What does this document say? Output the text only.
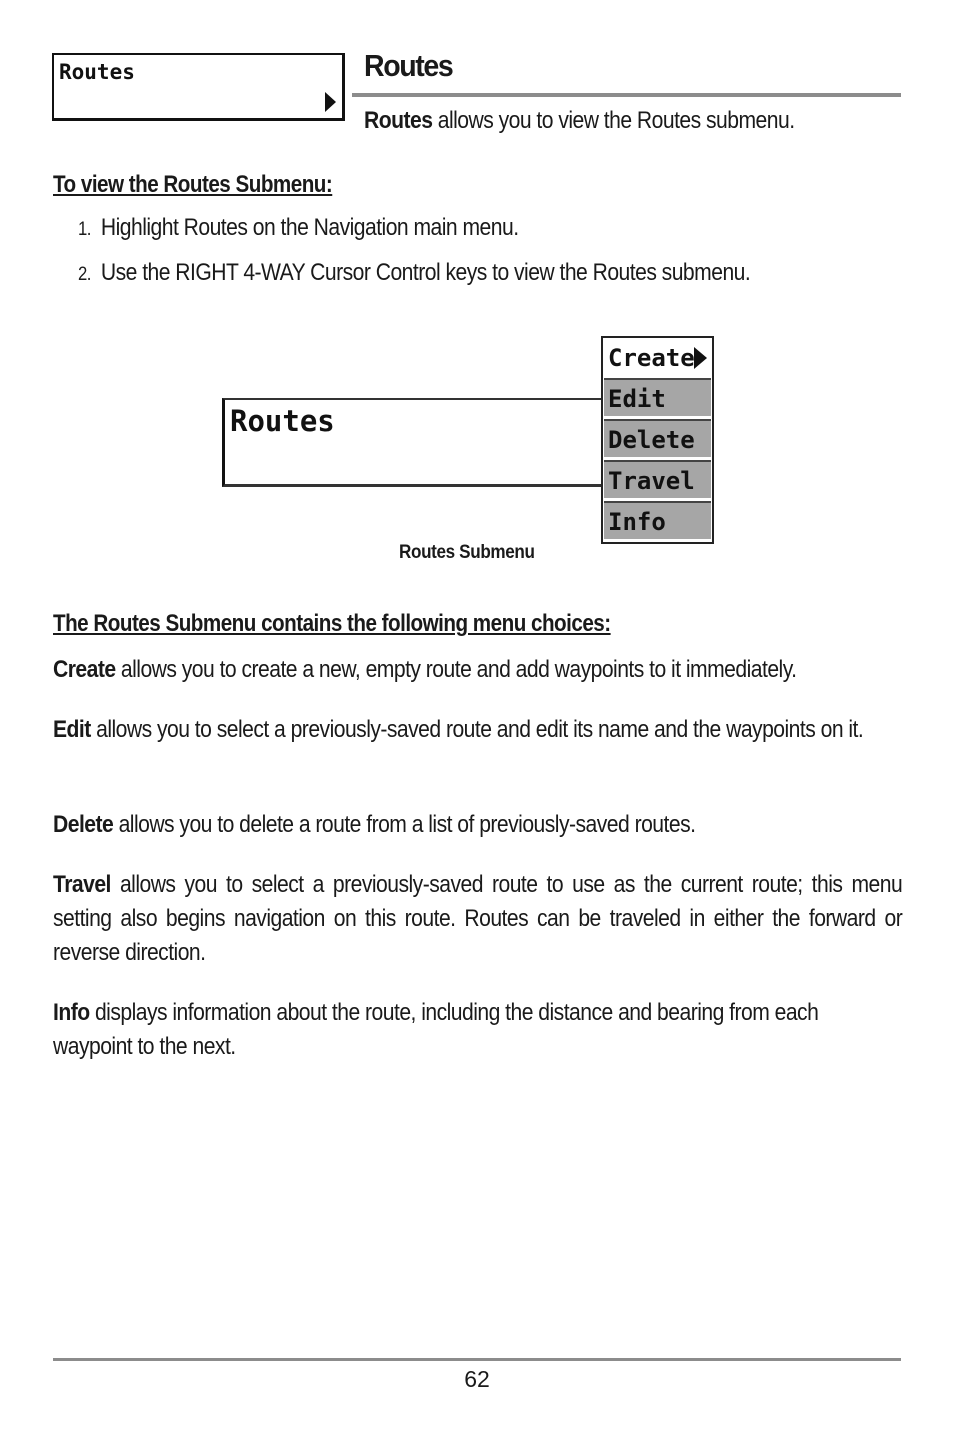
Routes	Routes
Routes allows you to view the Routes submenu.
To view the Routes Submenu:
1. Highlight Routes on the Navigation main menu.
2. Use the RIGHT 4-WAY Cursor Control keys to view the Routes submenu.
Routes
Create
Edit
Delete
Travel
Info
Routes Submenu
The Routes Submenu contains the following menu choices:
Create allows you to create a new, empty route and add waypoints to it immediately.
Edit allows you to select a previously-saved route and edit its name and the waypoints on it.
Delete allows you to delete a route from a list of previously-saved routes.
Travel allows you to select a previously-saved route to use as the current route; this menu setting also begins navigation on this route. Routes can be traveled in either the forward or reverse direction.
Info displays information about the route, including the distance and bearing from each waypoint to the next.
62
